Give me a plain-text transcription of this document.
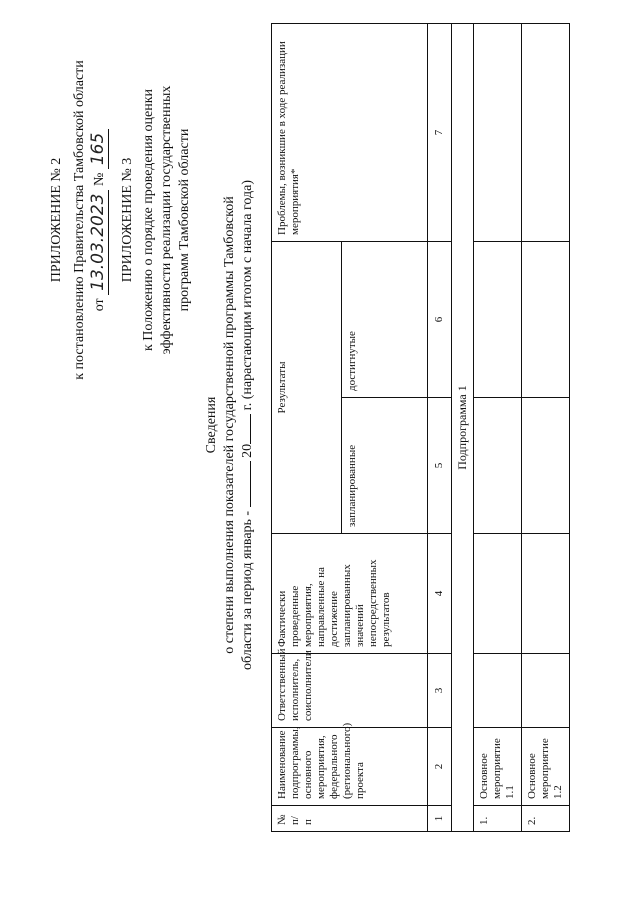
ПРИЛОЖЕНИЕ № 2 к постановлению Правительства Тамбовской области от 13.03.2023 № 165
ПРИЛОЖЕНИЕ № 3 к Положению о порядке проведения оценки эффективности реализации государственных программ Тамбовской области
Сведения о степени выполнения показателей государственной программы Тамбовской области за период январь -  20 г. (нарастающим итогом с начала года)
№ п/п	Наименование подпрограммы, основного мероприятия, федерального (регионального) проекта	Ответственный исполнитель, соисполнители	Фактически проведенные мероприятия, направленные на достижение запланированных значений непосредственных результатов	Результаты		Проблемы, возникшие в ходе реализации мероприятия*
				запланированные	достигнутые	
1	2	3	4	5	6	7
Подпрограмма 1						
1.	Основное мероприятие 1.1					
2.	Основное мероприятие 1.2					
